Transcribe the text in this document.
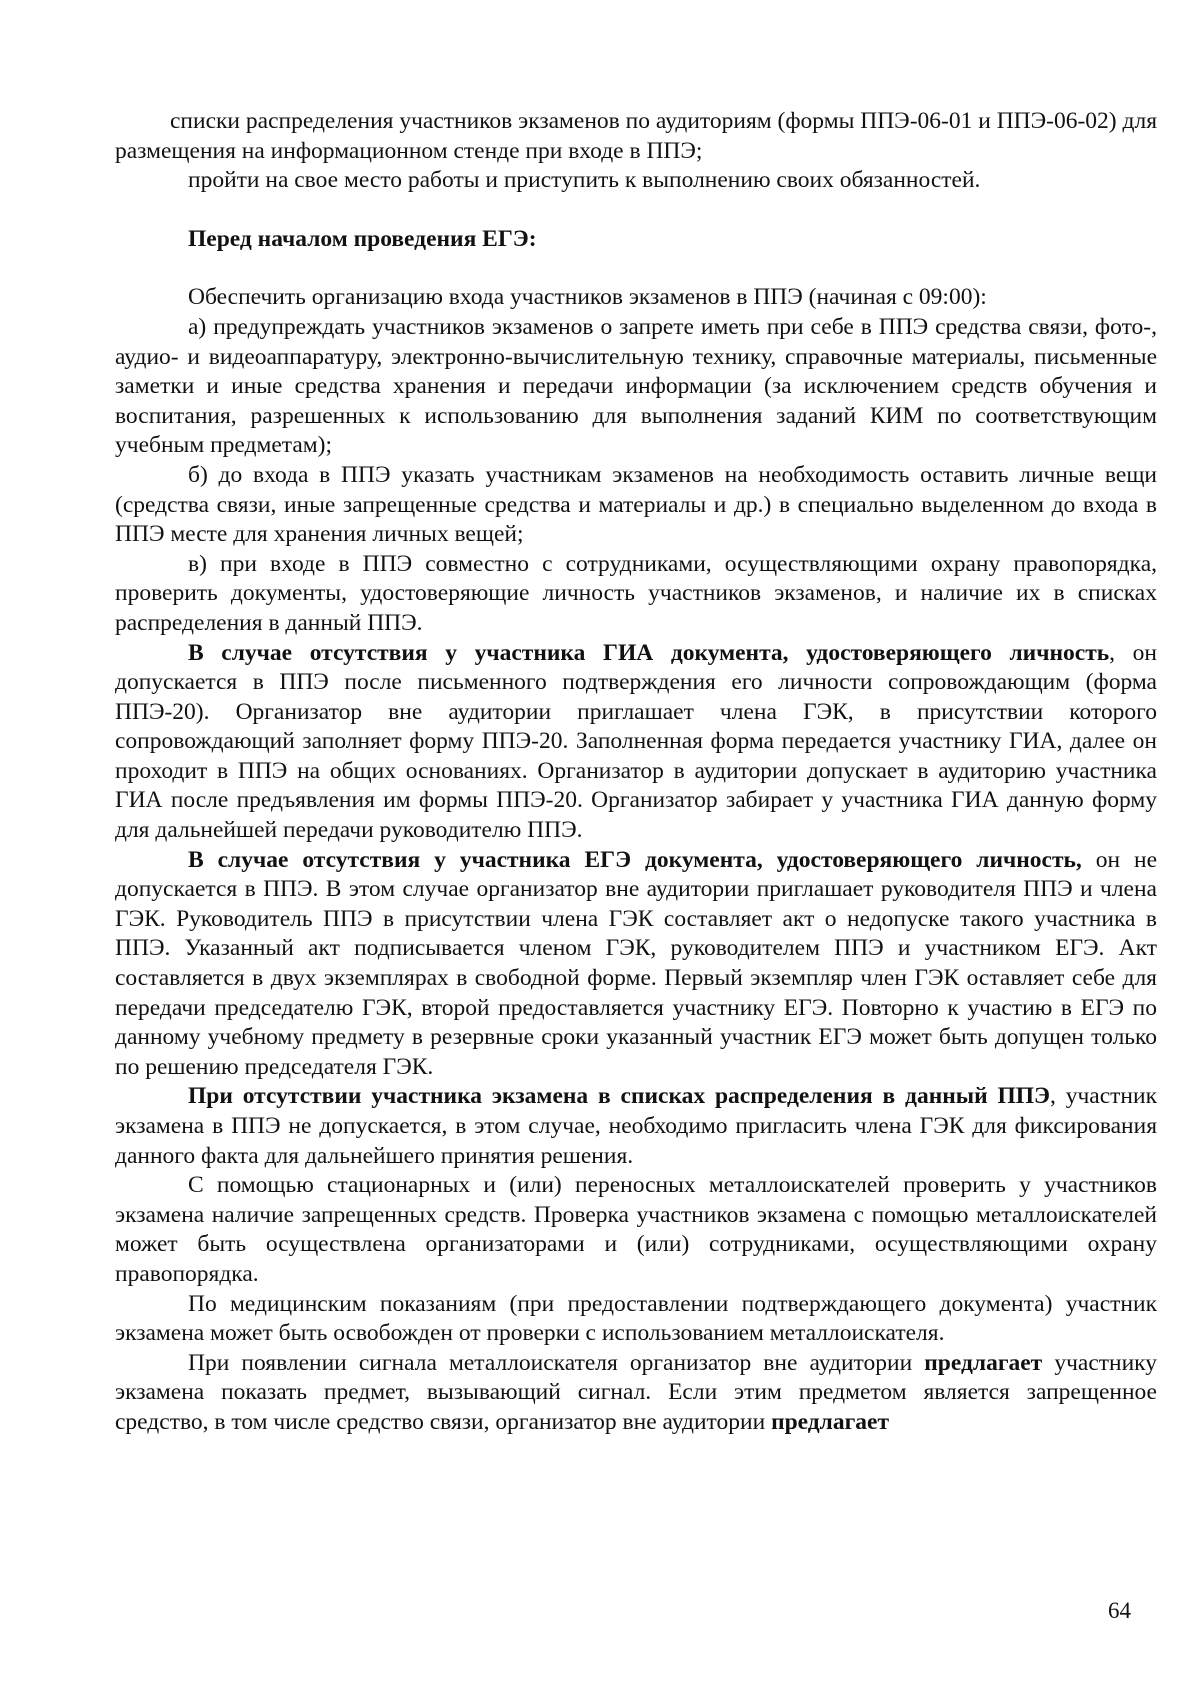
списки распределения участников экзаменов по аудиториям (формы ППЭ-06-01 и ППЭ-06-02) для размещения на информационном стенде при входе в ППЭ;

пройти на свое место работы и приступить к выполнению своих обязанностей.

Перед началом проведения ЕГЭ:

Обеспечить организацию входа участников экзаменов в ППЭ (начиная с 09:00):

а) предупреждать участников экзаменов о запрете иметь при себе в ППЭ средства связи, фото-, аудио- и видеоаппаратуру, электронно-вычислительную технику, справочные материалы, письменные заметки и иные средства хранения и передачи информации (за исключением средств обучения и воспитания, разрешенных к использованию для выполнения заданий КИМ по соответствующим учебным предметам);

б) до входа в ППЭ указать участникам экзаменов на необходимость оставить личные вещи (средства связи, иные запрещенные средства и материалы и др.) в специально выделенном до входа в ППЭ месте для хранения личных вещей;

в) при входе в ППЭ совместно с сотрудниками, осуществляющими охрану правопорядка, проверить документы, удостоверяющие личность участников экзаменов, и наличие их в списках распределения в данный ППЭ.

В случае отсутствия у участника ГИА документа, удостоверяющего личность, он допускается в ППЭ после письменного подтверждения его личности сопровождающим (форма ППЭ-20). Организатор вне аудитории приглашает члена ГЭК, в присутствии которого сопровождающий заполняет форму ППЭ-20. Заполненная форма передается участнику ГИА, далее он проходит в ППЭ на общих основаниях. Организатор в аудитории допускает в аудиторию участника ГИА после предъявления им формы ППЭ-20. Организатор забирает у участника ГИА данную форму для дальнейшей передачи руководителю ППЭ.

В случае отсутствия у участника ЕГЭ документа, удостоверяющего личность, он не допускается в ППЭ. В этом случае организатор вне аудитории приглашает руководителя ППЭ и члена ГЭК. Руководитель ППЭ в присутствии члена ГЭК составляет акт о недопуске такого участника в ППЭ. Указанный акт подписывается членом ГЭК, руководителем ППЭ и участником ЕГЭ. Акт составляется в двух экземплярах в свободной форме. Первый экземпляр член ГЭК оставляет себе для передачи председателю ГЭК, второй предоставляется участнику ЕГЭ. Повторно к участию в ЕГЭ по данному учебному предмету в резервные сроки указанный участник ЕГЭ может быть допущен только по решению председателя ГЭК.

При отсутствии участника экзамена в списках распределения в данный ППЭ, участник экзамена в ППЭ не допускается, в этом случае, необходимо пригласить члена ГЭК для фиксирования данного факта для дальнейшего принятия решения.

С помощью стационарных и (или) переносных металлоискателей проверить у участников экзамена наличие запрещенных средств. Проверка участников экзамена с помощью металлоискателей может быть осуществлена организаторами и (или) сотрудниками, осуществляющими охрану правопорядка.

По медицинским показаниям (при предоставлении подтверждающего документа) участник экзамена может быть освобожден от проверки с использованием металлоискателя.

При появлении сигнала металлоискателя организатор вне аудитории предлагает участнику экзамена показать предмет, вызывающий сигнал. Если этим предметом является запрещенное средство, в том числе средство связи, организатор вне аудитории предлагает

64
